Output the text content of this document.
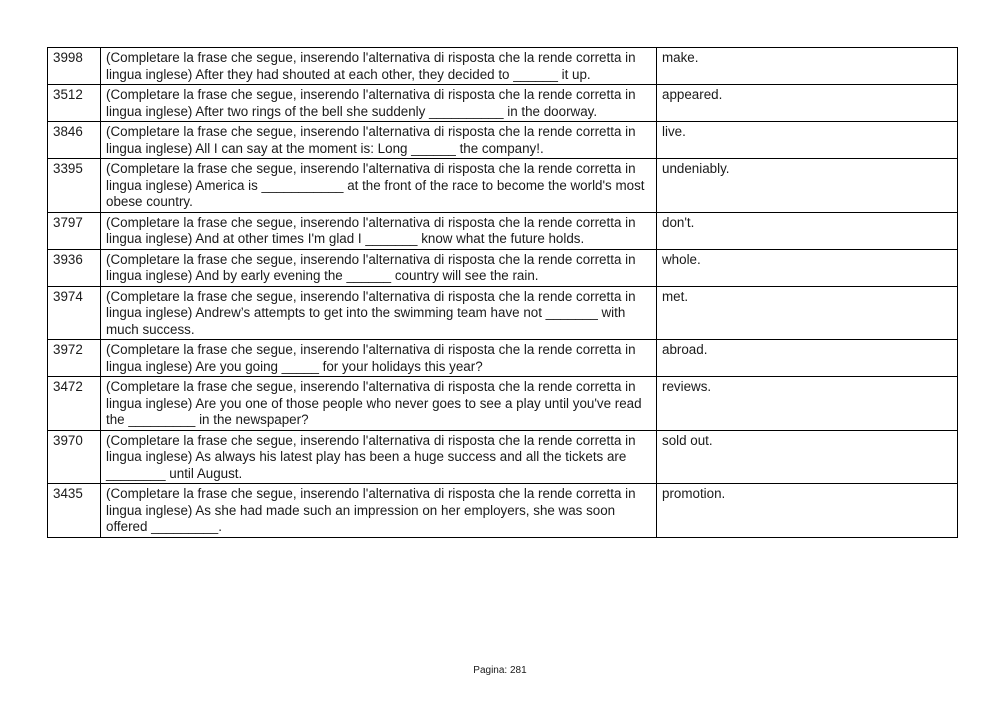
3998	(Completare la frase che segue, inserendo l'alternativa di risposta che la rende corretta in lingua inglese) After they had shouted at each other, they decided to ______ it up.	make.
3512	(Completare la frase che segue, inserendo l'alternativa di risposta che la rende corretta in lingua inglese) After two rings of the bell she suddenly __________ in the doorway.	appeared.
3846	(Completare la frase che segue, inserendo l'alternativa di risposta che la rende corretta in lingua inglese) All I can say at the moment is: Long ______ the company!.	live.
3395	(Completare la frase che segue, inserendo l'alternativa di risposta che la rende corretta in lingua inglese) America is ___________ at the front of the race to become the world's most obese country.	undeniably.
3797	(Completare la frase che segue, inserendo l'alternativa di risposta che la rende corretta in lingua inglese) And at other times I'm glad I _______ know what the future holds.	don't.
3936	(Completare la frase che segue, inserendo l'alternativa di risposta che la rende corretta in lingua inglese) And by early evening the ______ country will see the rain.	whole.
3974	(Completare la frase che segue, inserendo l'alternativa di risposta che la rende corretta in lingua inglese) Andrew’s attempts to get into the swimming team have not _______ with much success.	met.
3972	(Completare la frase che segue, inserendo l'alternativa di risposta che la rende corretta in lingua inglese) Are you going _____ for your holidays this year?	abroad.
3472	(Completare la frase che segue, inserendo l'alternativa di risposta che la rende corretta in lingua inglese) Are you one of those people who never goes to see a play until you've read the _________ in the newspaper?	reviews.
3970	(Completare la frase che segue, inserendo l'alternativa di risposta che la rende corretta in lingua inglese) As always his latest play has been a huge success and all the tickets are ________ until August.	sold out.
3435	(Completare la frase che segue, inserendo l'alternativa di risposta che la rende corretta in lingua inglese) As she had made such an impression on her employers, she was soon offered _________.	promotion.
Pagina: 281
